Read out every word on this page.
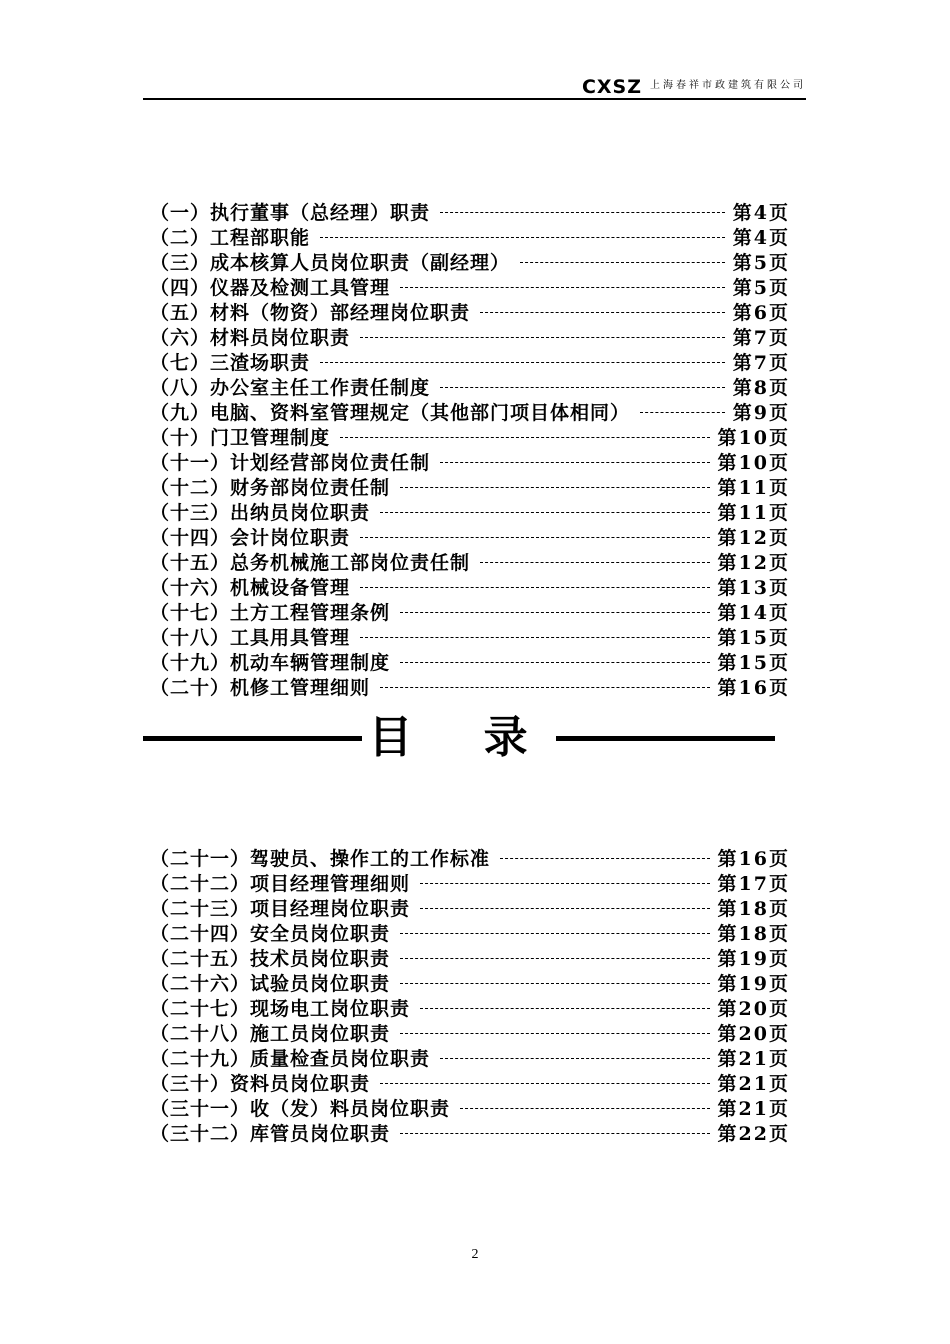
CXSZ 上海春祥市政建筑有限公司
（一）执行董事（总经理）职责	第4页
（二）工程部职能	第4页
（三）成本核算人员岗位职责（副经理）	第5页
（四）仪器及检测工具管理	第5页
（五）材料（物资）部经理岗位职责	第6页
（六）材料员岗位职责	第7页
（七）三渣场职责	第7页
（八）办公室主任工作责任制度	第8页
（九）电脑、资料室管理规定（其他部门项目体相同）	第9页
（十）门卫管理制度	第10页
（十一）计划经营部岗位责任制	第10页
（十二）财务部岗位责任制	第11页
（十三）出纳员岗位职责	第11页
（十四）会计岗位职责	第12页
（十五）总务机械施工部岗位责任制	第12页
（十六）机械设备管理	第13页
（十七）土方工程管理条例	第14页
（十八）工具用具管理	第15页
（十九）机动车辆管理制度	第15页
（二十）机修工管理细则	第16页
目 录
（二十一）驾驶员、操作工的工作标准	第16页
（二十二）项目经理管理细则	第17页
（二十三）项目经理岗位职责	第18页
（二十四）安全员岗位职责	第18页
（二十五）技术员岗位职责	第19页
（二十六）试验员岗位职责	第19页
（二十七）现场电工岗位职责	第20页
（二十八）施工员岗位职责	第20页
（二十九）质量检查员岗位职责	第21页
（三十）资料员岗位职责	第21页
（三十一）收（发）料员岗位职责	第21页
（三十二）库管员岗位职责	第22页
2
